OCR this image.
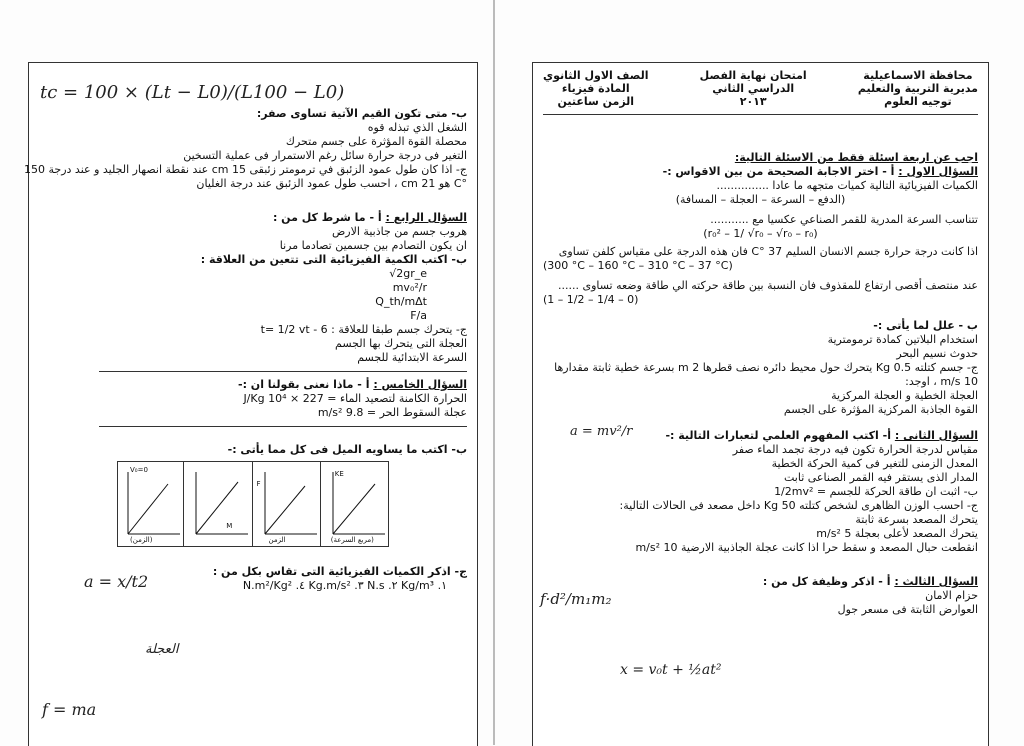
محافظة الاسماعيلية
مديرية التربية والتعليم
توجيه العلوم
امتحان نهاية الفصل
الدراسي الثاني
٢٠١٣
الصف الاول الثانوي
المادة فيزياء
الزمن ساعتين
اجب عن اربعة اسئلة فقط من الاسئلة التالية:
السؤال الاول : أ - اختر الاجابة الصحيحة من بين الاقواس :-
الكميات الفيزيائية التالية كميات متجهه ما عادا ...............
(الدفع – السرعة – العجلة – المسافة)
تتناسب السرعة المدرية للقمر الصناعي عكسيا مع ...........
(r₀² – 1/ √r₀ – √r₀ – r₀)
اذا كانت درجة حرارة جسم الانسان السليم 37 °C فان هذه الدرجة على مقياس كلفن تساوى
(300 °C – 160 °C – 310 °C – 37 °C)
عند منتصف أقصى ارتفاع للمقذوف فان النسبة بين طاقة حركته الي طاقة وضعه تساوى ......
(1 – 1/2 – 1/4 – 0)
ب - علل لما يأتى :-
استخدام البلاتين كمادة ترمومترية
حدوث نسيم البحر
ج- جسم كتلته 0.5 Kg يتحرك حول محيط دائره نصف قطرها 2 m بسرعة خطية ثابتة مقدارها
10 m/s ، اوجد:
العجلة الخطية و العجلة المركزية
القوة الجاذبة المركزية المؤثرة على الجسم
السؤال الثانى : أ- اكتب المفهوم العلمي لتعبارات التالية :-
مقياس لدرجة الحرارة تكون فيه درجة تجمد الماء صفر
المعدل الزمنى للتغير فى كمية الحركة الخطية
المدار الذى يستقر فيه القمر الصناعى ثابت
ب- اثبت ان طاقة الحركة للجسم = 1/2mv²
ج- احسب الوزن الظاهرى لشخص كتلته 50 Kg داخل مصعد فى الحالات التالية:
يتحرك المصعد بسرعة ثابتة
يتحرك المصعد لأعلى بعجلة 5 m/s²
انقطعت حبال المصعد و سقط حرا اذا كانت عجلة الجاذبية الارضية 10 m/s²
السؤال الثالث : أ - اذكر وظيفة كل من :
حزام الامان
العوارض الثابتة فى مسعر جول
ب- متى تكون القيم الآتية تساوى صفر:
الشغل الذي تبذله قوه
محصلة القوة المؤثرة على جسم متحرك
التغير فى درجة حرارة سائل رغم الاستمرار فى عملية التسخين
ج- اذا كان طول عمود الزئبق في ترمومتر زئبقى 15 cm عند نقطة انصهار الجليد و عند درجة 150
°C هو 21 cm ، احسب طول عمود الزئبق عند درجة الغليان
السؤال الرابع : أ - ما شرط كل من :
هروب جسم من جاذبية الارض
ان يكون التصادم بين جسمين تصادما مرنا
ب- اكتب الكمية الفيزيائية التى تتعين من العلاقة :
√2gr_e
mv₀²/r
Q_th/mΔt
F/a
ج- يتحرك جسم طبقا للعلاقة : t= 1/2 vt - 6
العجلة التى يتحرك بها الجسم
السرعة الابتدائية للجسم
السؤال الخامس : أ - ماذا نعنى بقولنا ان :-
الحرارة الكامنة لتصعيد الماء = 227 × 10⁴ J/Kg
عجلة السقوط الحر = 9.8 m/s²
ب- اكتب ما يساويه الميل فى كل مما يأتى :-
V₀=0
(الزمن)
M
F
الزمن
KE
(مربع السرعة)
ج- اذكر الكميات الفيزيائية التى تقاس بكل من :
N.m²/Kg² .٤ Kg.m/s² .٣ N.s .٢ Kg/m³ .١
tc = 100 × (Lt − L0)/(L100 − L0)
a = x/t2
العجلة
f = ma
a = mv²/r
f·d²/m₁m₂
x = v₀t + ½at²
